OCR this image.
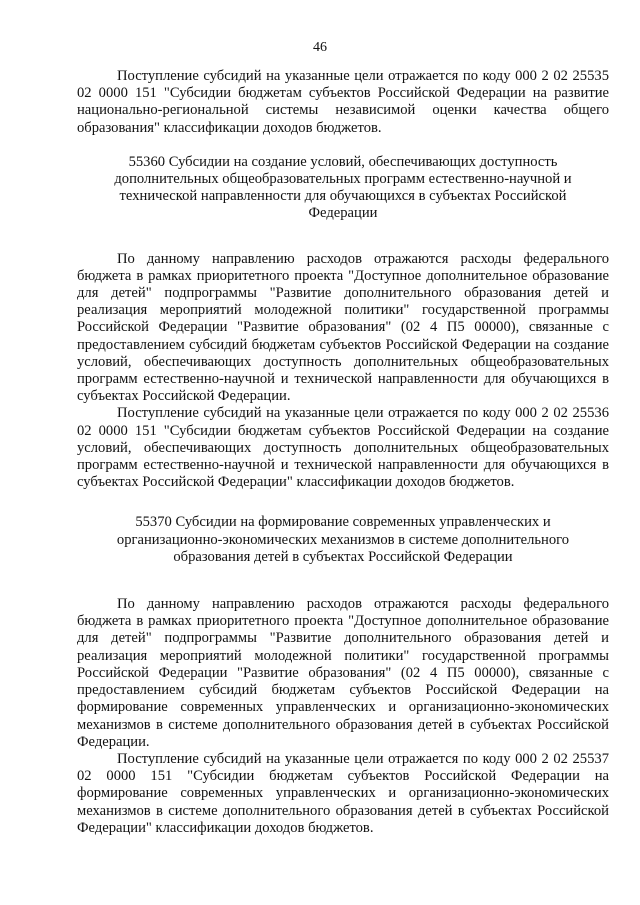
46

Поступление субсидий на указанные цели отражается по коду 000 2 02 25535 02 0000 151 "Субсидии бюджетам субъектов Российской Федерации на развитие национально-региональной системы независимой оценки качества общего образования" классификации доходов бюджетов.

55360 Субсидии на создание условий, обеспечивающих доступность дополнительных общеобразовательных программ естественно-научной и технической направленности для обучающихся в субъектах Российской Федерации

По данному направлению расходов отражаются расходы федерального бюджета в рамках приоритетного проекта "Доступное дополнительное образование для детей" подпрограммы "Развитие дополнительного образования детей и реализация мероприятий молодежной политики" государственной программы Российской Федерации "Развитие образования" (02 4 П5 00000), связанные с предоставлением субсидий бюджетам субъектов Российской Федерации на создание условий, обеспечивающих доступность дополнительных общеобразовательных программ естественно-научной и технической направленности для обучающихся в субъектах Российской Федерации.

Поступление субсидий на указанные цели отражается по коду 000 2 02 25536 02 0000 151 "Субсидии бюджетам субъектов Российской Федерации на создание условий, обеспечивающих доступность дополнительных общеобразовательных программ естественно-научной и технической направленности для обучающихся в субъектах Российской Федерации" классификации доходов бюджетов.

55370 Субсидии на формирование современных управленческих и организационно-экономических механизмов в системе дополнительного образования детей в субъектах Российской Федерации

По данному направлению расходов отражаются расходы федерального бюджета в рамках приоритетного проекта "Доступное дополнительное образование для детей" подпрограммы "Развитие дополнительного образования детей и реализация мероприятий молодежной политики" государственной программы Российской Федерации "Развитие образования" (02 4 П5 00000), связанные с предоставлением субсидий бюджетам субъектов Российской Федерации на формирование современных управленческих и организационно-экономических механизмов в системе дополнительного образования детей в субъектах Российской Федерации.

Поступление субсидий на указанные цели отражается по коду 000 2 02 25537 02 0000 151 "Субсидии бюджетам субъектов Российской Федерации на формирование современных управленческих и организационно-экономических механизмов в системе дополнительного образования детей в субъектах Российской Федерации" классификации доходов бюджетов.
